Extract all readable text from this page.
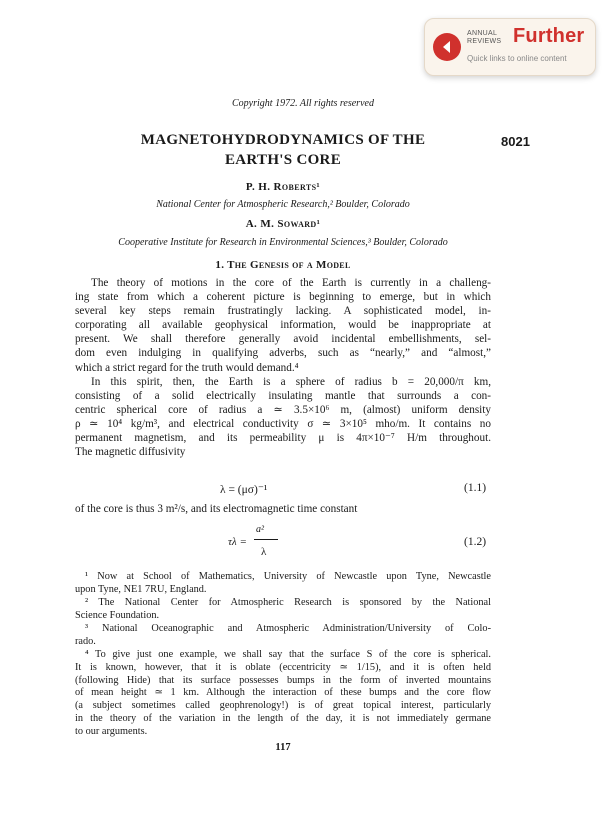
ANNUAL
REVIEWS Further
Quick links to online content
Copyright 1972. All rights reserved
MAGNETOHYDRODYNAMICS OF THE
EARTH'S CORE
8021
P. H. Roberts¹
National Center for Atmospheric Research,² Boulder, Colorado
A. M. Soward¹
Cooperative Institute for Research in Environmental Sciences,³ Boulder, Colorado
1. The Genesis of a Model
The theory of motions in the core of the Earth is currently in a challeng-
ing state from which a coherent picture is beginning to emerge, but in which
several key steps remain frustratingly lacking. A sophisticated model, in-
corporating all available geophysical information, would be inappropriate at
present. We shall therefore generally avoid incidental embellishments, sel-
dom even indulging in qualifying adverbs, such as “nearly,” and “almost,”
which a strict regard for the truth would demand.⁴
In this spirit, then, the Earth is a sphere of radius b = 20,000/π km,
consisting of a solid electrically insulating mantle that surrounds a con-
centric spherical core of radius a ≃ 3.5×10⁶ m, (almost) uniform density
ρ ≃ 10⁴ kg/m³, and electrical conductivity σ ≃ 3×10⁵ mho/m. It contains no
permanent magnetism, and its permeability μ is 4π×10⁻⁷ H/m throughout.
The magnetic diffusivity
λ = (μσ)⁻¹	(1.1)
of the core is thus 3 m²/s, and its electromagnetic time constant
τλ =
a²
λ
(1.2)
¹ Now at School of Mathematics, University of Newcastle upon Tyne, Newcastle
upon Tyne, NE1 7RU, England.
² The National Center for Atmospheric Research is sponsored by the National
Science Foundation.
³ National Oceanographic and Atmospheric Administration/University of Colo-
rado.
⁴ To give just one example, we shall say that the surface S of the core is spherical.
It is known, however, that it is oblate (eccentricity ≃ 1/15), and it is often held
(following Hide) that its surface possesses bumps in the form of inverted mountains
of mean height ≃ 1 km. Although the interaction of these bumps and the core flow
(a subject sometimes called geophrenology!) is of great topical interest, particularly
in the theory of the variation in the length of the day, it is not immediately germane
to our arguments.
117
